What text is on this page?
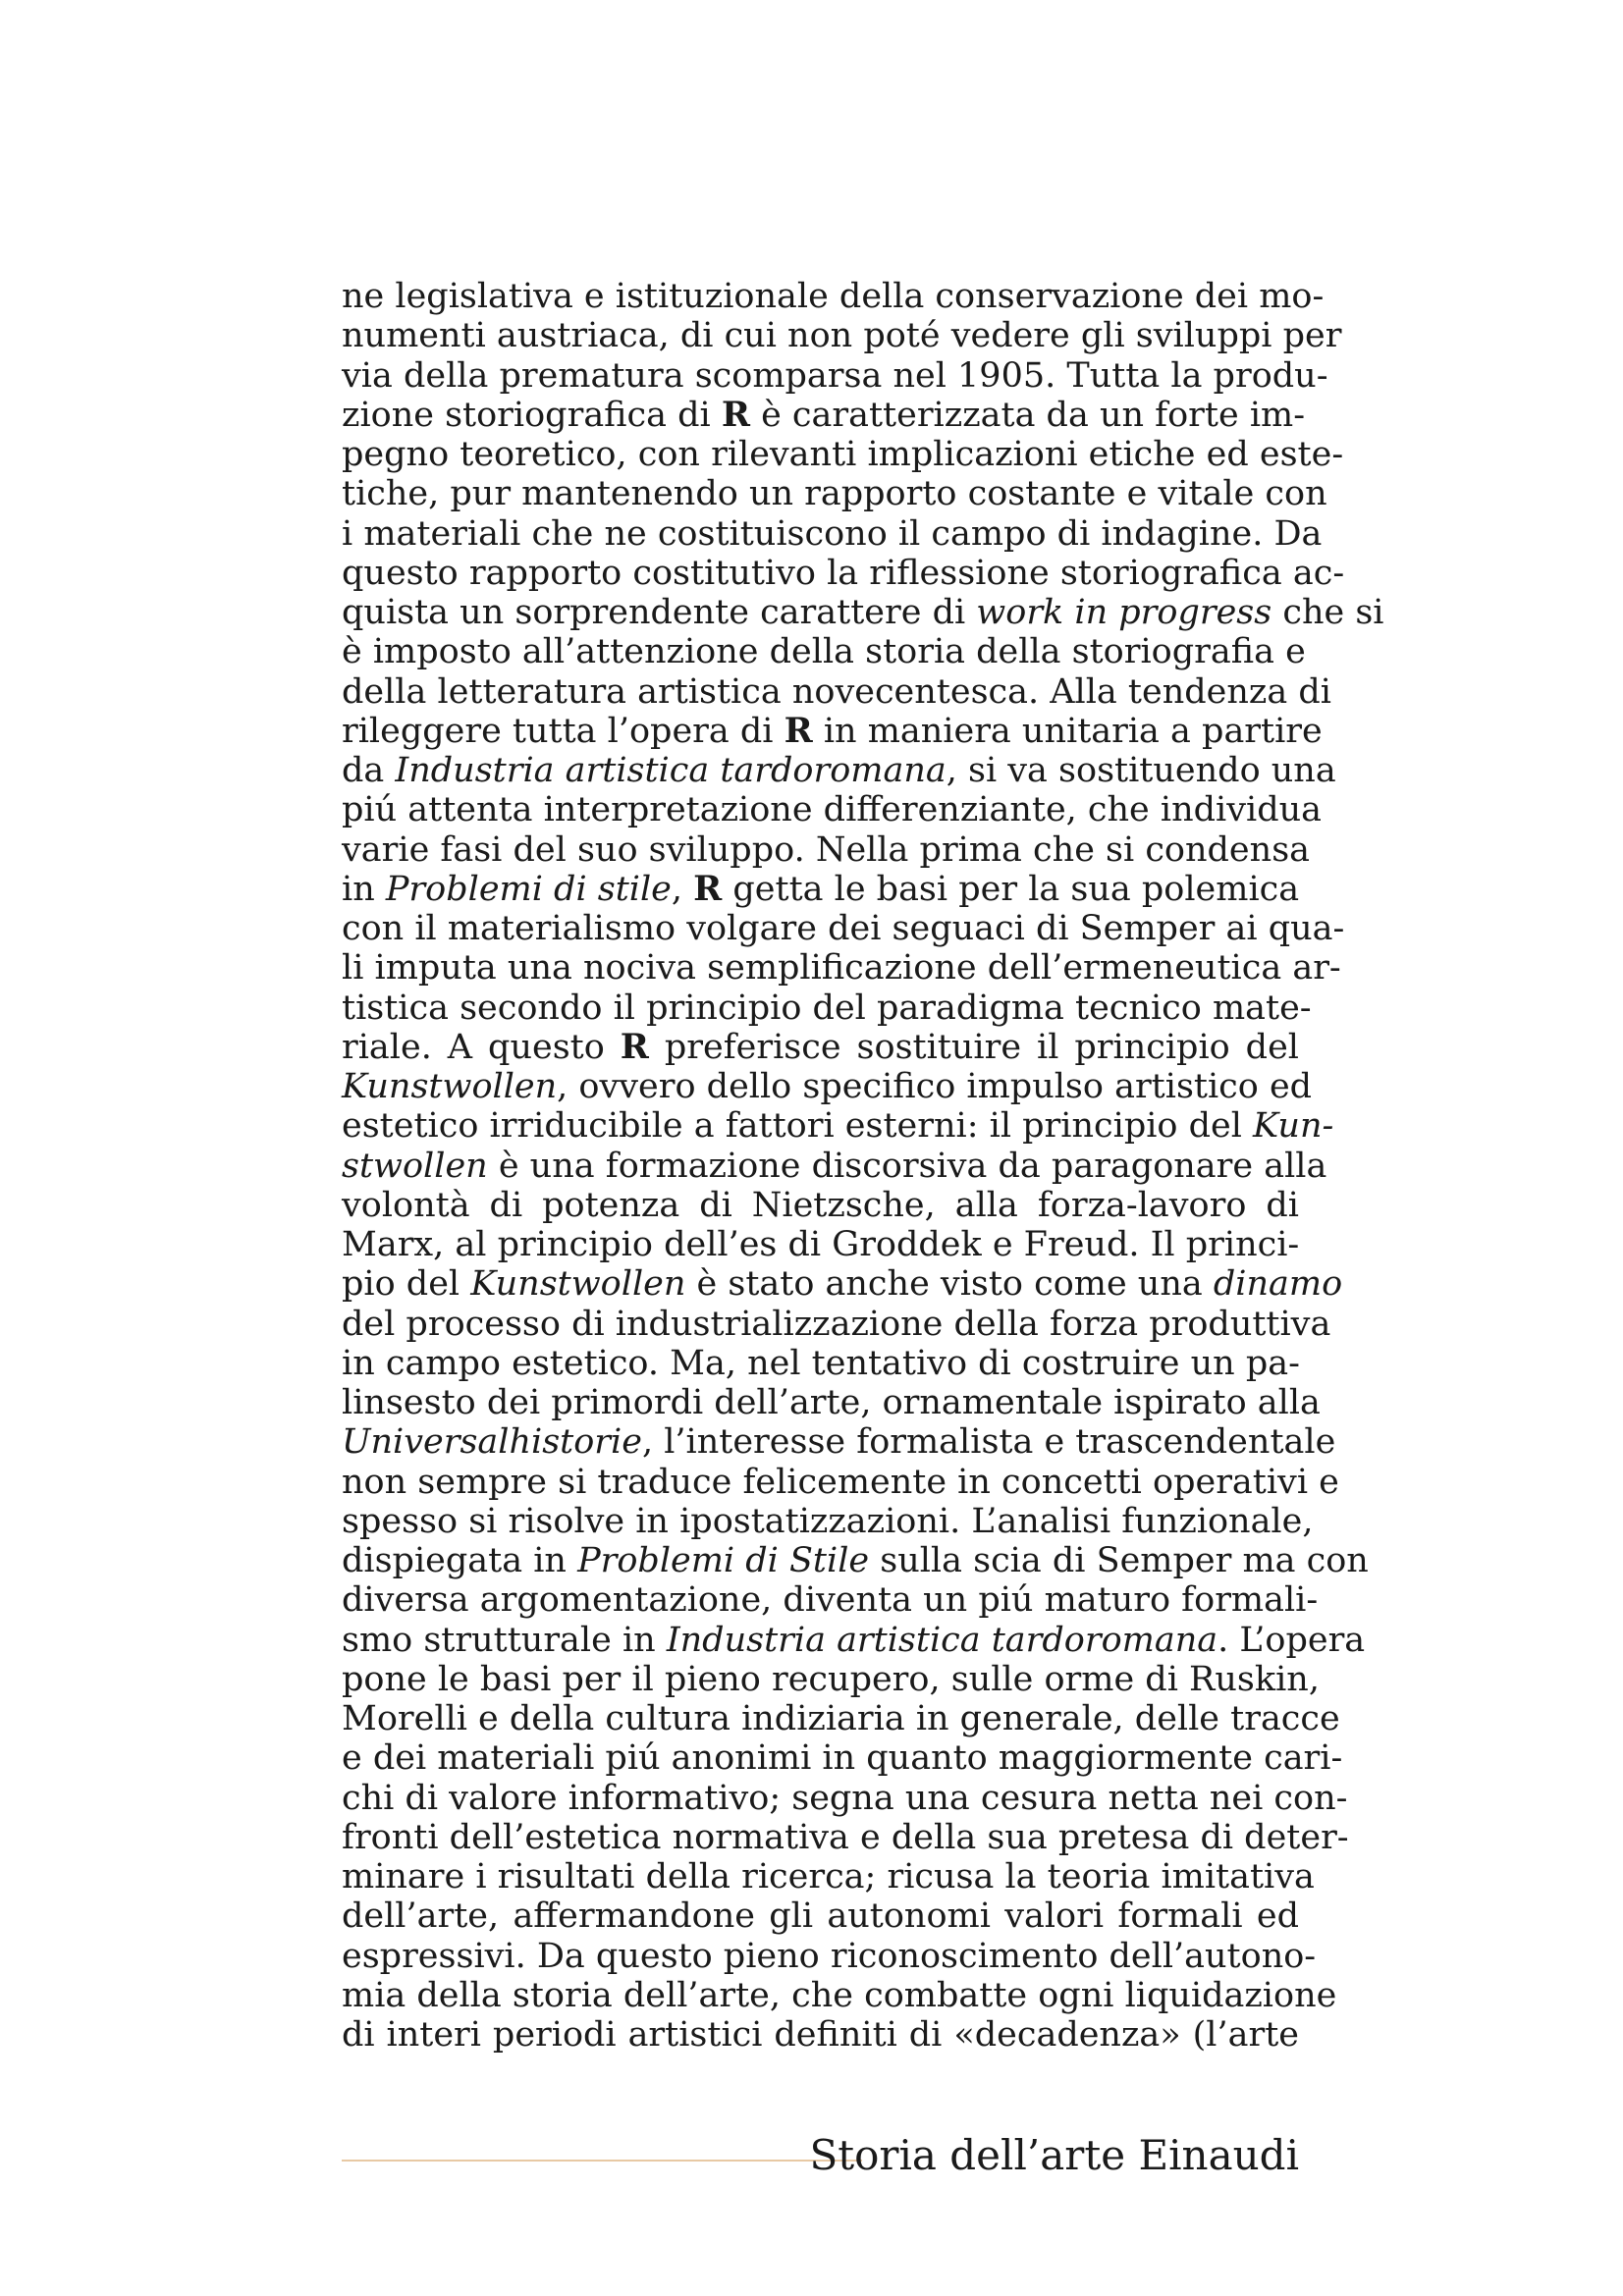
ne legislativa e istituzionale della conservazione dei mo-
numenti austriaca, di cui non poté vedere gli sviluppi per
via della prematura scomparsa nel 1905. Tutta la produ-
zione storiografica di R è caratterizzata da un forte im-
pegno teoretico, con rilevanti implicazioni etiche ed este-
tiche, pur mantenendo un rapporto costante e vitale con
i materiali che ne costituiscono il campo di indagine. Da
questo rapporto costitutivo la riflessione storiografica ac-
quista un sorprendente carattere di work in progress che si
è imposto all’attenzione della storia della storiografia e
della letteratura artistica novecentesca. Alla tendenza di
rileggere tutta l’opera di R in maniera unitaria a partire
da Industria artistica tardoromana, si va sostituendo una
piú attenta interpretazione differenziante, che individua
varie fasi del suo sviluppo. Nella prima che si condensa
in Problemi di stile, R getta le basi per la sua polemica
con il materialismo volgare dei seguaci di Semper ai qua-
li imputa una nociva semplificazione dell’ermeneutica ar-
tistica secondo il principio del paradigma tecnico mate-
riale. A questo R preferisce sostituire il principio del
Kunstwollen, ovvero dello specifico impulso artistico ed
estetico irriducibile a fattori esterni: il principio del Kun-
stwollen è una formazione discorsiva da paragonare alla
volontà di potenza di Nietzsche, alla forza-lavoro di
Marx, al principio dell’es di Groddek e Freud. Il princi-
pio del Kunstwollen è stato anche visto come una dinamo
del processo di industrializzazione della forza produttiva
in campo estetico. Ma, nel tentativo di costruire un pa-
linsesto dei primordi dell’arte, ornamentale ispirato alla
Universalhistorie, l’interesse formalista e trascendentale
non sempre si traduce felicemente in concetti operativi e
spesso si risolve in ipostatizzazioni. L’analisi funzionale,
dispiegata in Problemi di Stile sulla scia di Semper ma con
diversa argomentazione, diventa un piú maturo formali-
smo strutturale in Industria artistica tardoromana. L’opera
pone le basi per il pieno recupero, sulle orme di Ruskin,
Morelli e della cultura indiziaria in generale, delle tracce
e dei materiali piú anonimi in quanto maggiormente cari-
chi di valore informativo; segna una cesura netta nei con-
fronti dell’estetica normativa e della sua pretesa di deter-
minare i risultati della ricerca; ricusa la teoria imitativa
dell’arte, affermandone gli autonomi valori formali ed
espressivi. Da questo pieno riconoscimento dell’autono-
mia della storia dell’arte, che combatte ogni liquidazione
di interi periodi artistici definiti di «decadenza» (l’arte
Storia dell’arte Einaudi
